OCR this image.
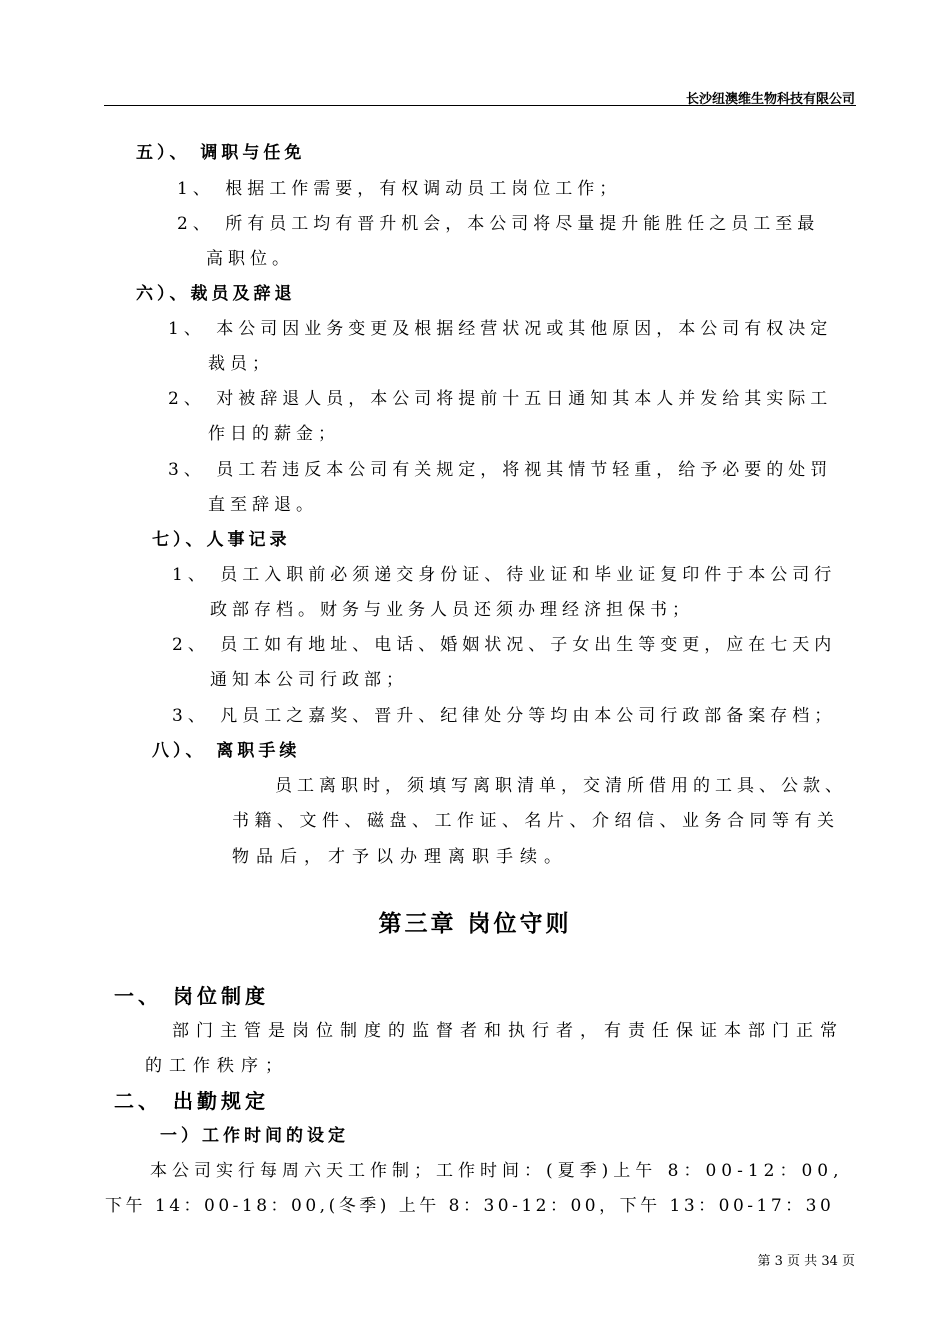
长沙纽澳维生物科技有限公司
五）、 调职与任免
1、 根据工作需要，有权调动员工岗位工作；
2、 所有员工均有晋升机会，本公司将尽量提升能胜任之员工至最
高职位。
六）、裁员及辞退
1、 本公司因业务变更及根据经营状况或其他原因，本公司有权决定
裁员；
2、 对被辞退人员，本公司将提前十五日通知其本人并发给其实际工
作日的薪金；
3、 员工若违反本公司有关规定，将视其情节轻重，给予必要的处罚
直至辞退。
七）、人事记录
1、 员工入职前必须递交身份证、待业证和毕业证复印件于本公司行
政部存档。财务与业务人员还须办理经济担保书；
2、 员工如有地址、电话、婚姻状况、子女出生等变更，应在七天内
通知本公司行政部；
3、 凡员工之嘉奖、晋升、纪律处分等均由本公司行政部备案存档；
八）、 离职手续
员工离职时，须填写离职清单，交清所借用的工具、公款、
书籍、文件、磁盘、工作证、名片、介绍信、业务合同等有关
物品后，才予以办理离职手续。
第三章 岗位守则
一、 岗位制度
部门主管是岗位制度的监督者和执行者，有责任保证本部门正常
的工作秩序；
二、 出勤规定
一）工作时间的设定
本公司实行每周六天工作制；工作时间：(夏季)上午 8：00-12：00,
下午 14：00-18：00,(冬季) 上午 8：30-12：00，下午 13：00-17：30
第 3 页 共 34 页
